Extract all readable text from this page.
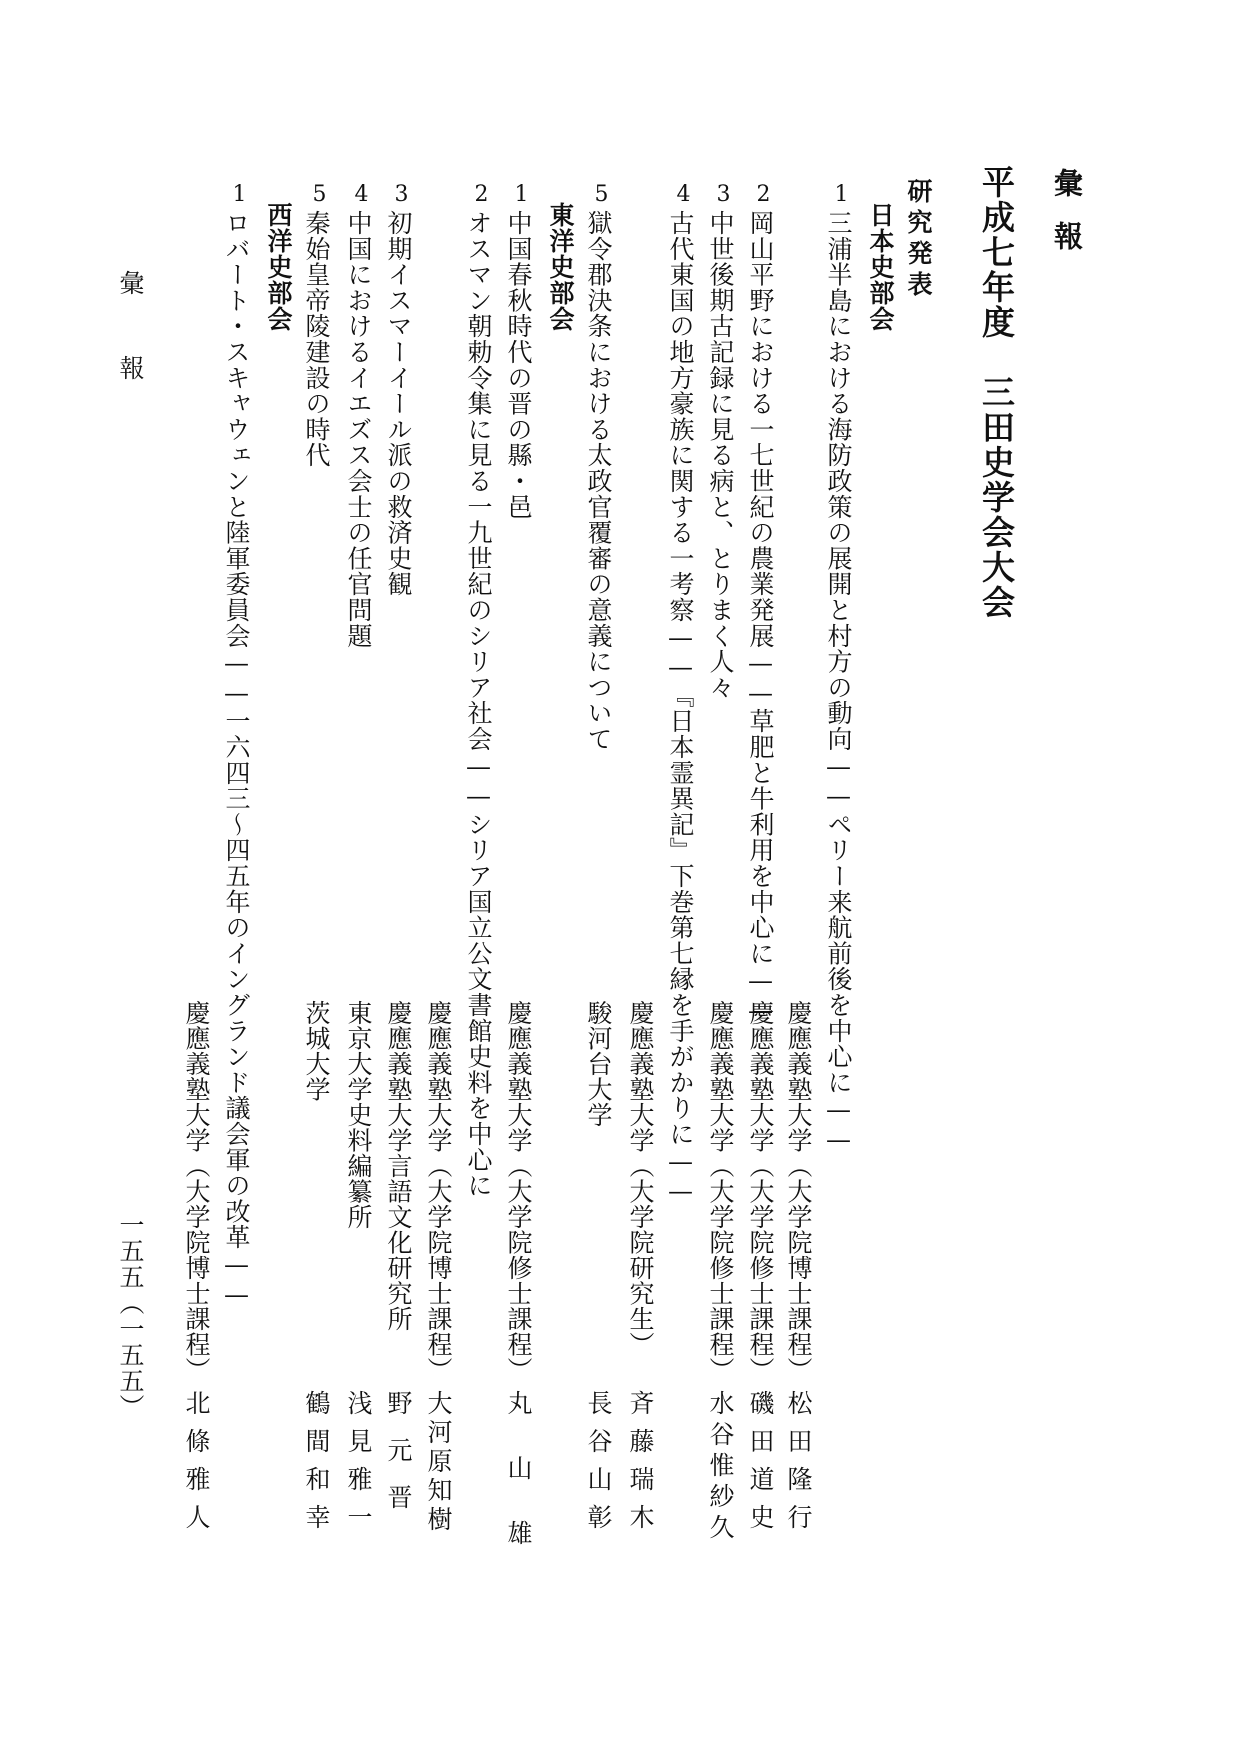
彙報
平成七年度　三田史学会大会
研究発表
日本史部会
1
三浦半島における海防政策の展開と村方の動向——ペリー来航前後を中心に——
慶應義塾大学（大学院博士課程）
松田隆行
2
岡山平野における一七世紀の農業発展——草肥と牛利用を中心に——
慶應義塾大学（大学院修士課程）
磯田道史
3
中世後期古記録に見る病と、とりまく人々
慶應義塾大学（大学院修士課程）
水谷惟紗久
4
古代東国の地方豪族に関する一考察——『日本霊異記』下巻第七縁を手がかりに——
慶應義塾大学（大学院研究生）
斉藤瑞木
5
獄令郡決条における太政官覆審の意義について
駿河台大学
長谷山彰
東洋史部会
1
中国春秋時代の晋の縣・邑
慶應義塾大学（大学院修士課程）
丸山雄
2
オスマン朝勅令集に見る一九世紀のシリア社会——シリア国立公文書館史料を中心に
慶應義塾大学（大学院博士課程）
大河原知樹
3
初期イスマーイール派の救済史観
慶應義塾大学言語文化研究所
野元晋
4
中国におけるイエズス会士の任官問題
東京大学史料編纂所
浅見雅一
5
秦始皇帝陵建設の時代
茨城大学
鶴間和幸
西洋史部会
1
ロバート・スキャウェンと陸軍委員会——一六四三～四五年のイングランド議会軍の改革——
慶應義塾大学（大学院博士課程）
北條雅人
彙報
一五五（一五五）
